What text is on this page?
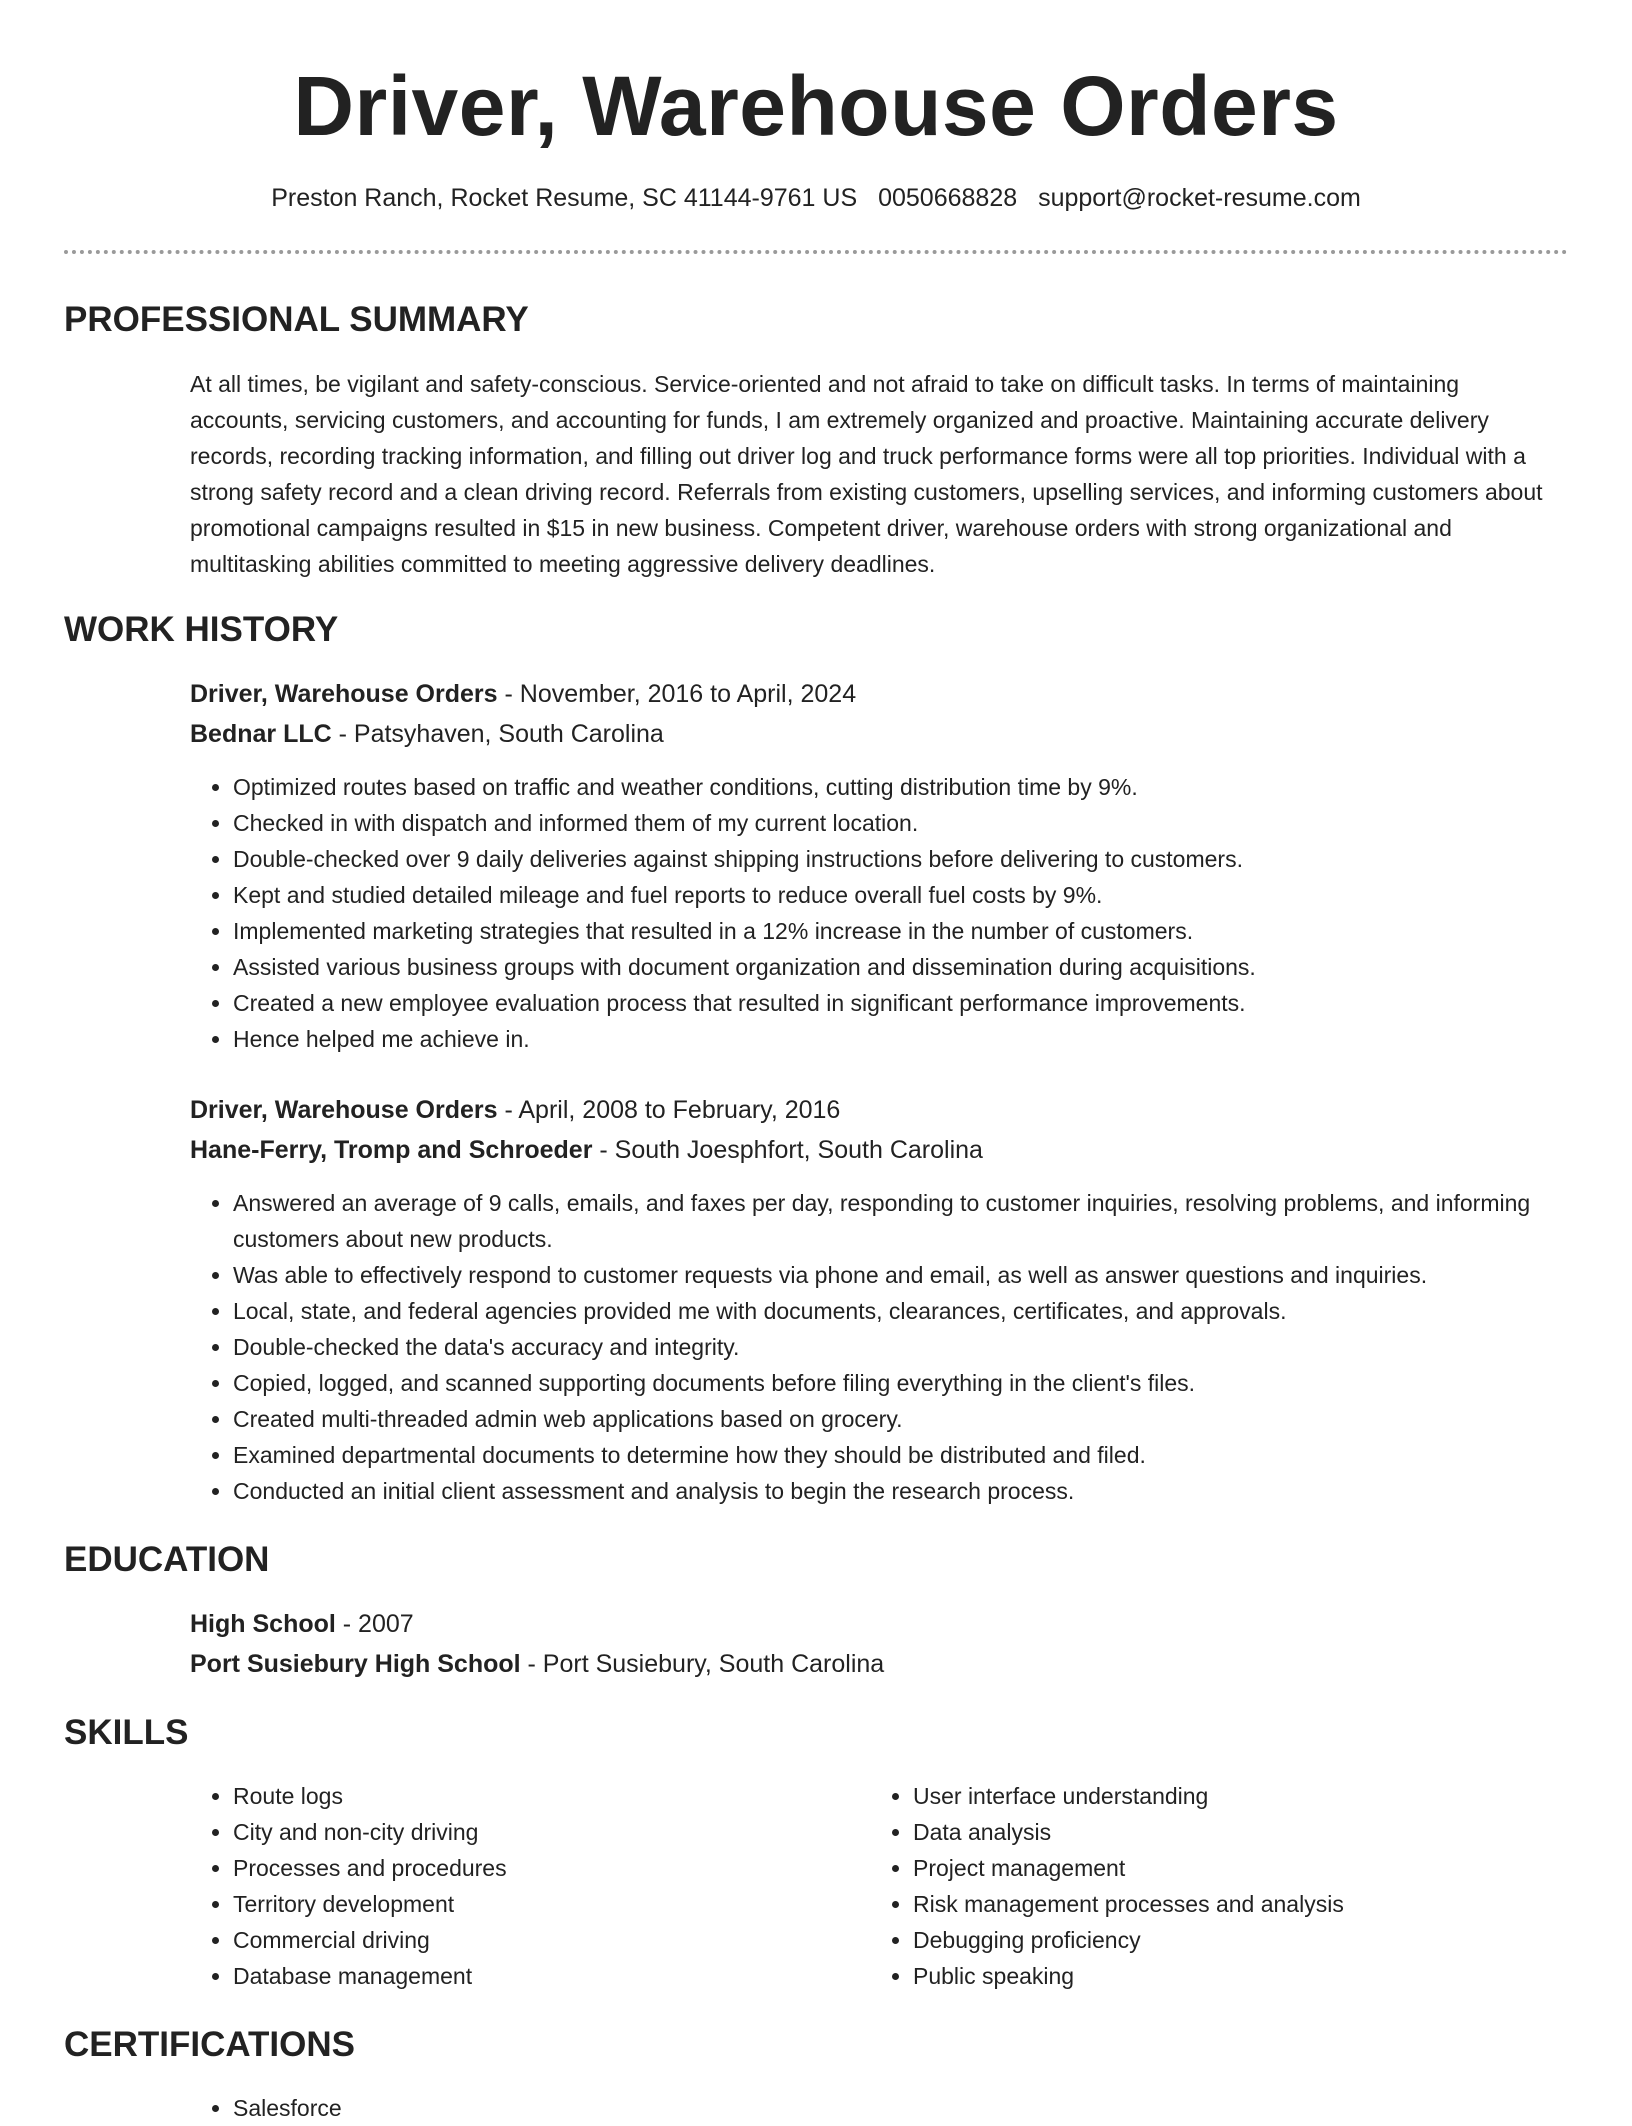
Driver, Warehouse Orders
Preston Ranch, Rocket Resume, SC 41144-9761 US 0050668828 support@rocket-resume.com
PROFESSIONAL SUMMARY

At all times, be vigilant and safety-conscious. Service-oriented and not afraid to take on difficult tasks. In terms of maintaining accounts, servicing customers, and accounting for funds, I am extremely organized and proactive. Maintaining accurate delivery records, recording tracking information, and filling out driver log and truck performance forms were all top priorities. Individual with a strong safety record and a clean driving record. Referrals from existing customers, upselling services, and informing customers about promotional campaigns resulted in $15 in new business. Competent driver, warehouse orders with strong organizational and multitasking abilities committed to meeting aggressive delivery deadlines.

WORK HISTORY
Driver, Warehouse Orders - November, 2016 to April, 2024
Bednar LLC - Patsyhaven, South Carolina
• Optimized routes based on traffic and weather conditions, cutting distribution time by 9%.
• Checked in with dispatch and informed them of my current location.
• Double-checked over 9 daily deliveries against shipping instructions before delivering to customers.
• Kept and studied detailed mileage and fuel reports to reduce overall fuel costs by 9%.
• Implemented marketing strategies that resulted in a 12% increase in the number of customers.
• Assisted various business groups with document organization and dissemination during acquisitions.
• Created a new employee evaluation process that resulted in significant performance improvements.
• Hence helped me achieve in.
Driver, Warehouse Orders - April, 2008 to February, 2016
Hane-Ferry, Tromp and Schroeder - South Joesphfort, South Carolina
• Answered an average of 9 calls, emails, and faxes per day, responding to customer inquiries, resolving problems, and informing customers about new products.
• Was able to effectively respond to customer requests via phone and email, as well as answer questions and inquiries.
• Local, state, and federal agencies provided me with documents, clearances, certificates, and approvals.
• Double-checked the data's accuracy and integrity.
• Copied, logged, and scanned supporting documents before filing everything in the client's files.
• Created multi-threaded admin web applications based on grocery.
• Examined departmental documents to determine how they should be distributed and filed.
• Conducted an initial client assessment and analysis to begin the research process.
EDUCATION
High School - 2007
Port Susiebury High School - Port Susiebury, South Carolina
SKILLS
• Route logs
• City and non-city driving
• Processes and procedures
• Territory development
• Commercial driving
• Database management
• User interface understanding
• Data analysis
• Project management
• Risk management processes and analysis
• Debugging proficiency
• Public speaking
CERTIFICATIONS
• Salesforce
